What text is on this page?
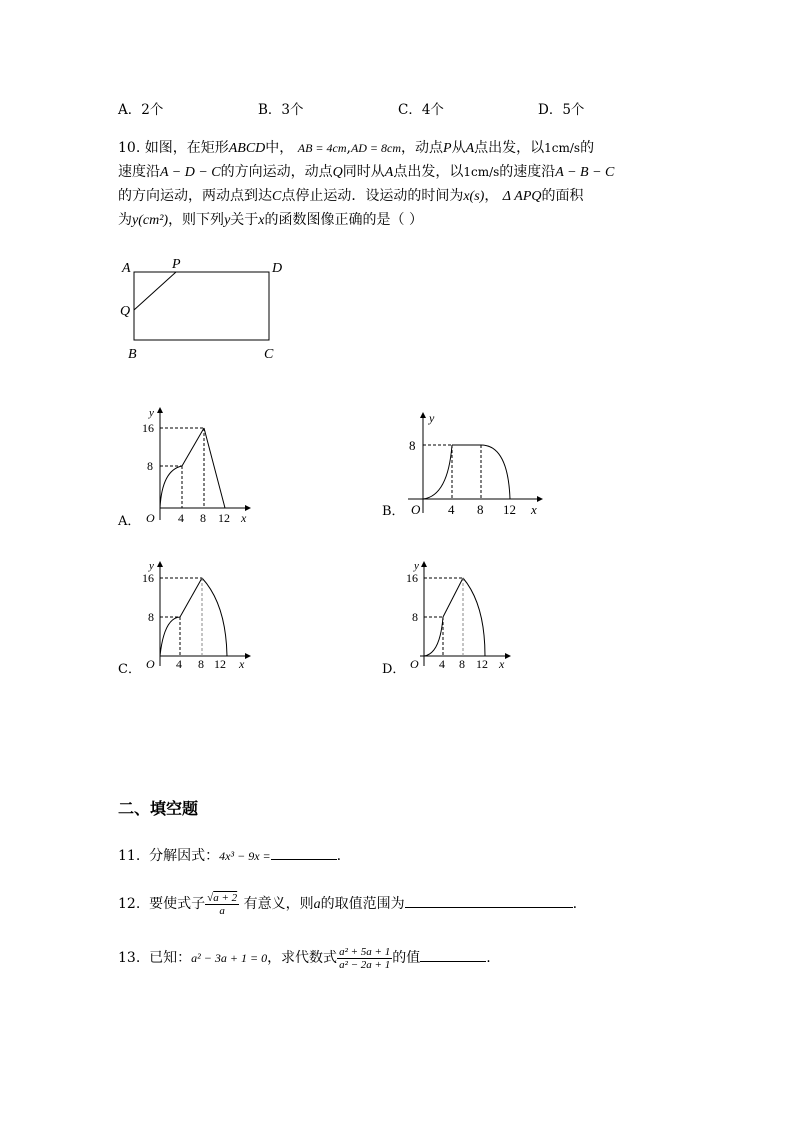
A．2个	B．3个	C．4个	D．5个
10. 如图，在矩形ABCD中， AB = 4cm,AD = 8cm，动点P从A点出发，以1cm/s的
速度沿A − D − C的方向运动，动点Q同时从A点出发，以1cm/s的速度沿A − B − C
的方向运动，两动点到达C点停止运动．设运动的时间为x(s)， Δ APQ的面积
为y(cm²)，则下列y关于x的函数图像正确的是（ ）
A	P	D
Q
B	C
y
16
8
O 4 8 12 x
A．
y
8
O 4 8 12 x
B．
y
16
8
O 4 8 12 x
C．
y
16
8
O 4 8 12 x
D．
二、填空题
11. 分解因式：4x³ − 9x =	.
12. 要使式子 $\frac{√a + 2}{a}$ 有意义，则a的取值范围为	.
13. 已知：a² − 3a + 1 = 0，求代数式 $\frac{\text{a² + 5a + 1}}{\text{a² − 2a + 1}}$ 的值	.
